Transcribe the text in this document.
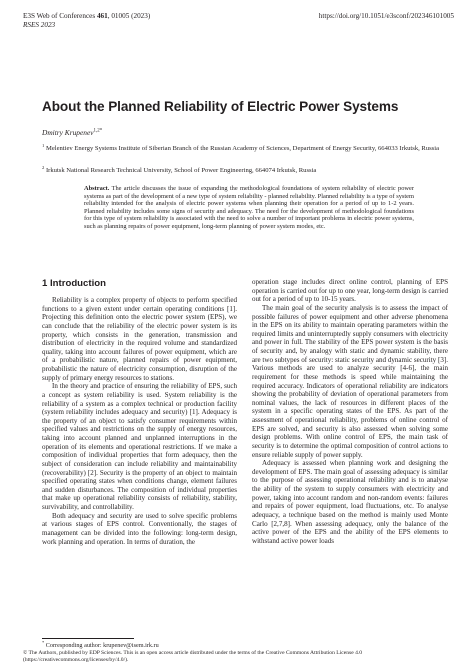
E3S Web of Conferences 461, 01005 (2023)
RSES 2023
https://doi.org/10.1051/e3sconf/202346101005
About the Planned Reliability of Electric Power Systems
Dmitry Krupenev$^{1,2*}$
$^1$ Melentiev Energy Systems Institute of Siberian Branch of the Russian Academy of Sciences, Department of Energy Security, 664033 Irkutsk, Russia
$^2$ Irkutsk National Research Technical University, School of Power Engineering, 664074 Irkutsk, Russia
Abstract. The article discusses the issue of expanding the methodological foundations of system reliability of electric power systems as part of the development of a new type of system reliability - planned reliability. Planned reliability is a type of system reliability intended for the analysis of electric power systems when planning their operation for a period of up to 1-2 years. Planned reliability includes some signs of security and adequacy. The need for the development of methodological foundations for this type of system reliability is associated with the need to solve a number of important problems in electric power systems, such as planning repairs of power equipment, long-term planning of power system modes, etc.
1 Introduction

Reliability is a complex property of objects to perform specified functions to a given extent under certain operating conditions [1]. Projecting this definition onto the electric power system (EPS), we can conclude that the reliability of the electric power system is its property, which consists in the generation, transmission and distribution of electricity in the required volume and standardized quality, taking into account failures of power equipment, which are of a probabilistic nature, planned repairs of power equipment, probabilistic the nature of electricity consumption, disruption of the supply of primary energy resources to stations.

In the theory and practice of ensuring the reliability of EPS, such a concept as system reliability is used. System reliability is the reliability of a system as a complex technical or production facility (system reliability includes adequacy and security) [1]. Adequacy is the property of an object to satisfy consumer requirements within specified values and restrictions on the supply of energy resources, taking into account planned and unplanned interruptions in the operation of its elements and operational restrictions. If we make a composition of individual properties that form adequacy, then the subject of consideration can include reliability and maintainability (recoverability) [2]. Security is the property of an object to maintain specified operating states when conditions change, element failures and sudden disturbances. The composition of individual properties that make up operational reliability consists of reliability, stability, survivability, and controllability.

Both adequacy and security are used to solve specific problems at various stages of EPS control. Conventionally, the stages of management can be divided into the following: long-term design, work planning and operation. In terms of duration, the

operation stage includes direct online control, planning of EPS operation is carried out for up to one year, long-term design is carried out for a period of up to 10-15 years.

The main goal of the security analysis is to assess the impact of possible failures of power equipment and other adverse phenomena in the EPS on its ability to maintain operating parameters within the required limits and uninterruptedly supply consumers with electricity and power in full. The stability of the EPS power system is the basis of security and, by analogy with static and dynamic stability, there are two subtypes of security: static security and dynamic security [3]. Various methods are used to analyze security [4-6], the main requirement for these methods is speed while maintaining the required accuracy. Indicators of operational reliability are indicators showing the probability of deviation of operational parameters from nominal values, the lack of resources in different places of the system in a specific operating states of the EPS. As part of the assessment of operational reliability, problems of online control of EPS are solved, and security is also assessed when solving some design problems. With online control of EPS, the main task of security is to determine the optimal composition of control actions to ensure reliable supply of power supply.

Adequacy is assessed when planning work and designing the development of EPS. The main goal of assessing adequacy is similar to the purpose of assessing operational reliability and is to analyse the ability of the system to supply consumers with electricity and power, taking into account random and non-random events: failures and repairs of power equipment, load fluctuations, etc. To analyse adequacy, a technique based on the method is mainly used Monte Carlo [2,7,8]. When assessing adequacy, only the balance of the active power of the EPS and the ability of the EPS elements to withstand active power loads

* Corresponding author: krupenev@isem.irk.ru
© The Authors, published by EDP Sciences. This is an open access article distributed under the terms of the Creative Commons Attribution License 4.0 (https://creativecommons.org/licenses/by/4.0/).
